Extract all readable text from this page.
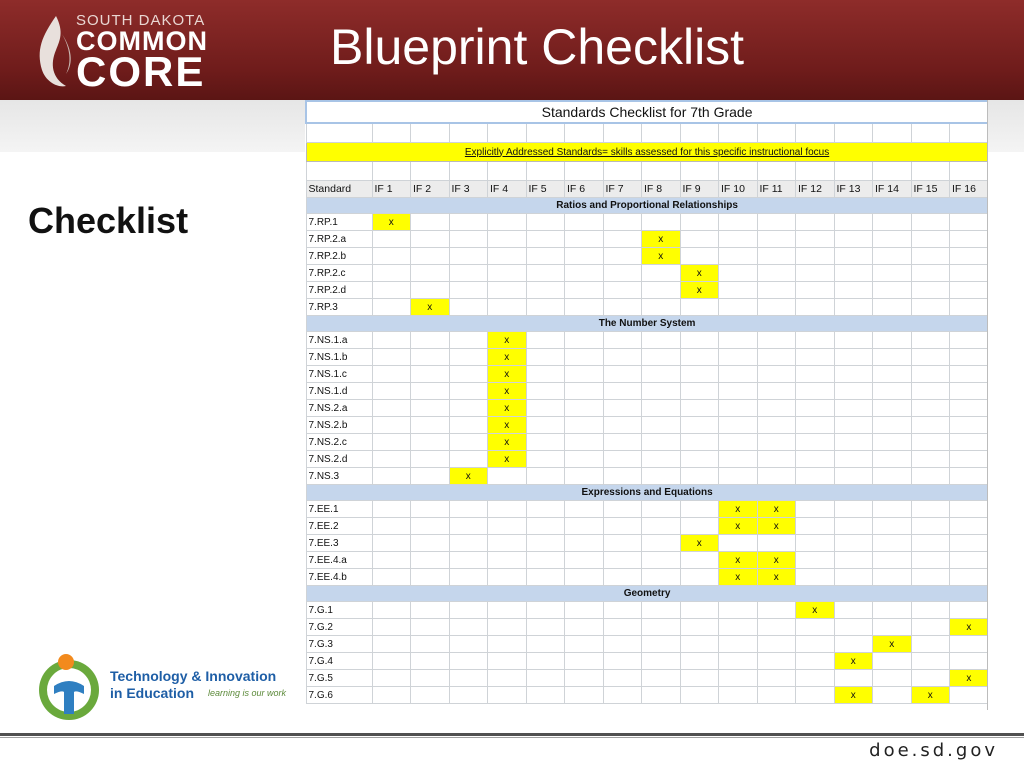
SOUTH DAKOTA
COMMON
CORE Blueprint Checklist
Checklist
Standards Checklist for 7th Grade																

Explicitly Addressed Standards= skills assessed for this specific instructional focus																

Standard	IF 1	IF 2	IF 3	IF 4	IF 5	IF 6	IF 7	IF 8	IF 9	IF 10	IF 11	IF 12	IF 13	IF 14	IF 15	IF 16
Ratios and Proportional Relationships																
7.RP.1	x															
7.RP.2.a								x								
7.RP.2.b								x								
7.RP.2.c									x							
7.RP.2.d									x							
7.RP.3		x														
The Number System																
7.NS.1.a				x												
7.NS.1.b				x												
7.NS.1.c				x												
7.NS.1.d				x												
7.NS.2.a				x												
7.NS.2.b				x												
7.NS.2.c				x												
7.NS.2.d				x												
7.NS.3			x													
Expressions and Equations																
7.EE.1										x	x					
7.EE.2										x	x					
7.EE.3									x							
7.EE.4.a										x	x					
7.EE.4.b										x	x					
Geometry																
7.G.1												x				
7.G.2																x
7.G.3														x		
7.G.4													x			
7.G.5																x
7.G.6													x		x	
Technology & Innovation
in Education learning is our work
doe.sd.gov
